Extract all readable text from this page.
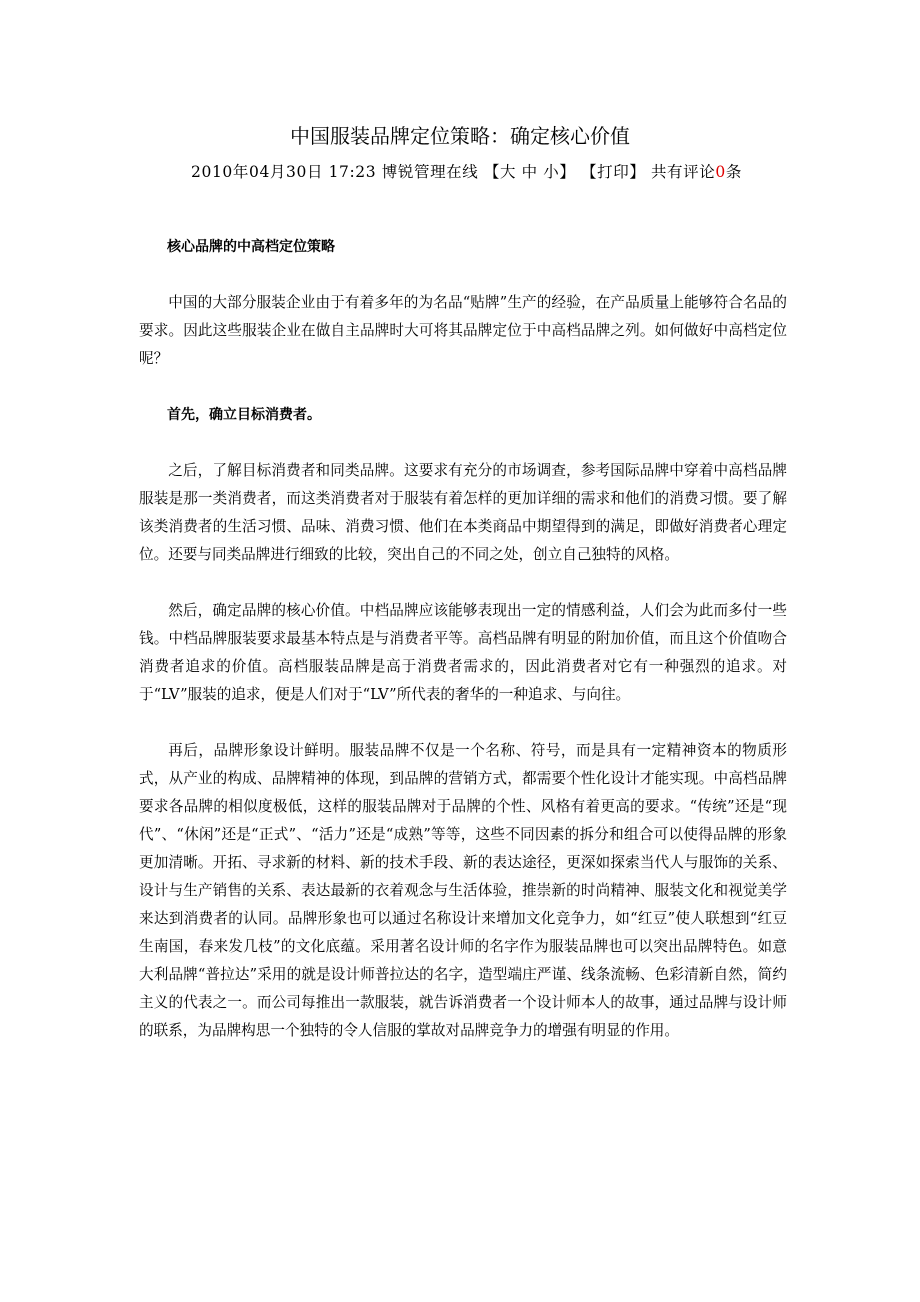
中国服装品牌定位策略：确定核心价值
2010年04月30日 17:23 博锐管理在线 【大 中 小】 【打印】 共有评论0条

核心品牌的中高档定位策略

中国的大部分服装企业由于有着多年的为名品“贴牌”生产的经验，在产品质量上能够符合名品的要求。因此这些服装企业在做自主品牌时大可将其品牌定位于中高档品牌之列。如何做好中高档定位呢？

首先，确立目标消费者。

之后，了解目标消费者和同类品牌。这要求有充分的市场调查，参考国际品牌中穿着中高档品牌服装是那一类消费者，而这类消费者对于服装有着怎样的更加详细的需求和他们的消费习惯。要了解该类消费者的生活习惯、品味、消费习惯、他们在本类商品中期望得到的满足，即做好消费者心理定位。还要与同类品牌进行细致的比较，突出自己的不同之处，创立自己独特的风格。

然后，确定品牌的核心价值。中档品牌应该能够表现出一定的情感利益，人们会为此而多付一些钱。中档品牌服装要求最基本特点是与消费者平等。高档品牌有明显的附加价值，而且这个价值吻合消费者追求的价值。高档服装品牌是高于消费者需求的，因此消费者对它有一种强烈的追求。对于“LV”服装的追求，便是人们对于“LV”所代表的奢华的一种追求、与向往。

再后，品牌形象设计鲜明。服装品牌不仅是一个名称、符号，而是具有一定精神资本的物质形式，从产业的构成、品牌精神的体现，到品牌的营销方式，都需要个性化设计才能实现。中高档品牌要求各品牌的相似度极低，这样的服装品牌对于品牌的个性、风格有着更高的要求。“传统”还是“现代”、“休闲”还是“正式”、“活力”还是“成熟”等等，这些不同因素的拆分和组合可以使得品牌的形象更加清晰。开拓、寻求新的材料、新的技术手段、新的表达途径，更深如探索当代人与服饰的关系、设计与生产销售的关系、表达最新的衣着观念与生活体验，推崇新的时尚精神、服装文化和视觉美学来达到消费者的认同。品牌形象也可以通过名称设计来增加文化竞争力，如“红豆”使人联想到“红豆生南国，春来发几枝”的文化底蕴。采用著名设计师的名字作为服装品牌也可以突出品牌特色。如意大利品牌“普拉达”采用的就是设计师普拉达的名字，造型端庄严谨、线条流畅、色彩清新自然，简约主义的代表之一。而公司每推出一款服装，就告诉消费者一个设计师本人的故事，通过品牌与设计师的联系，为品牌构思一个独特的令人信服的掌故对品牌竞争力的增强有明显的作用。
